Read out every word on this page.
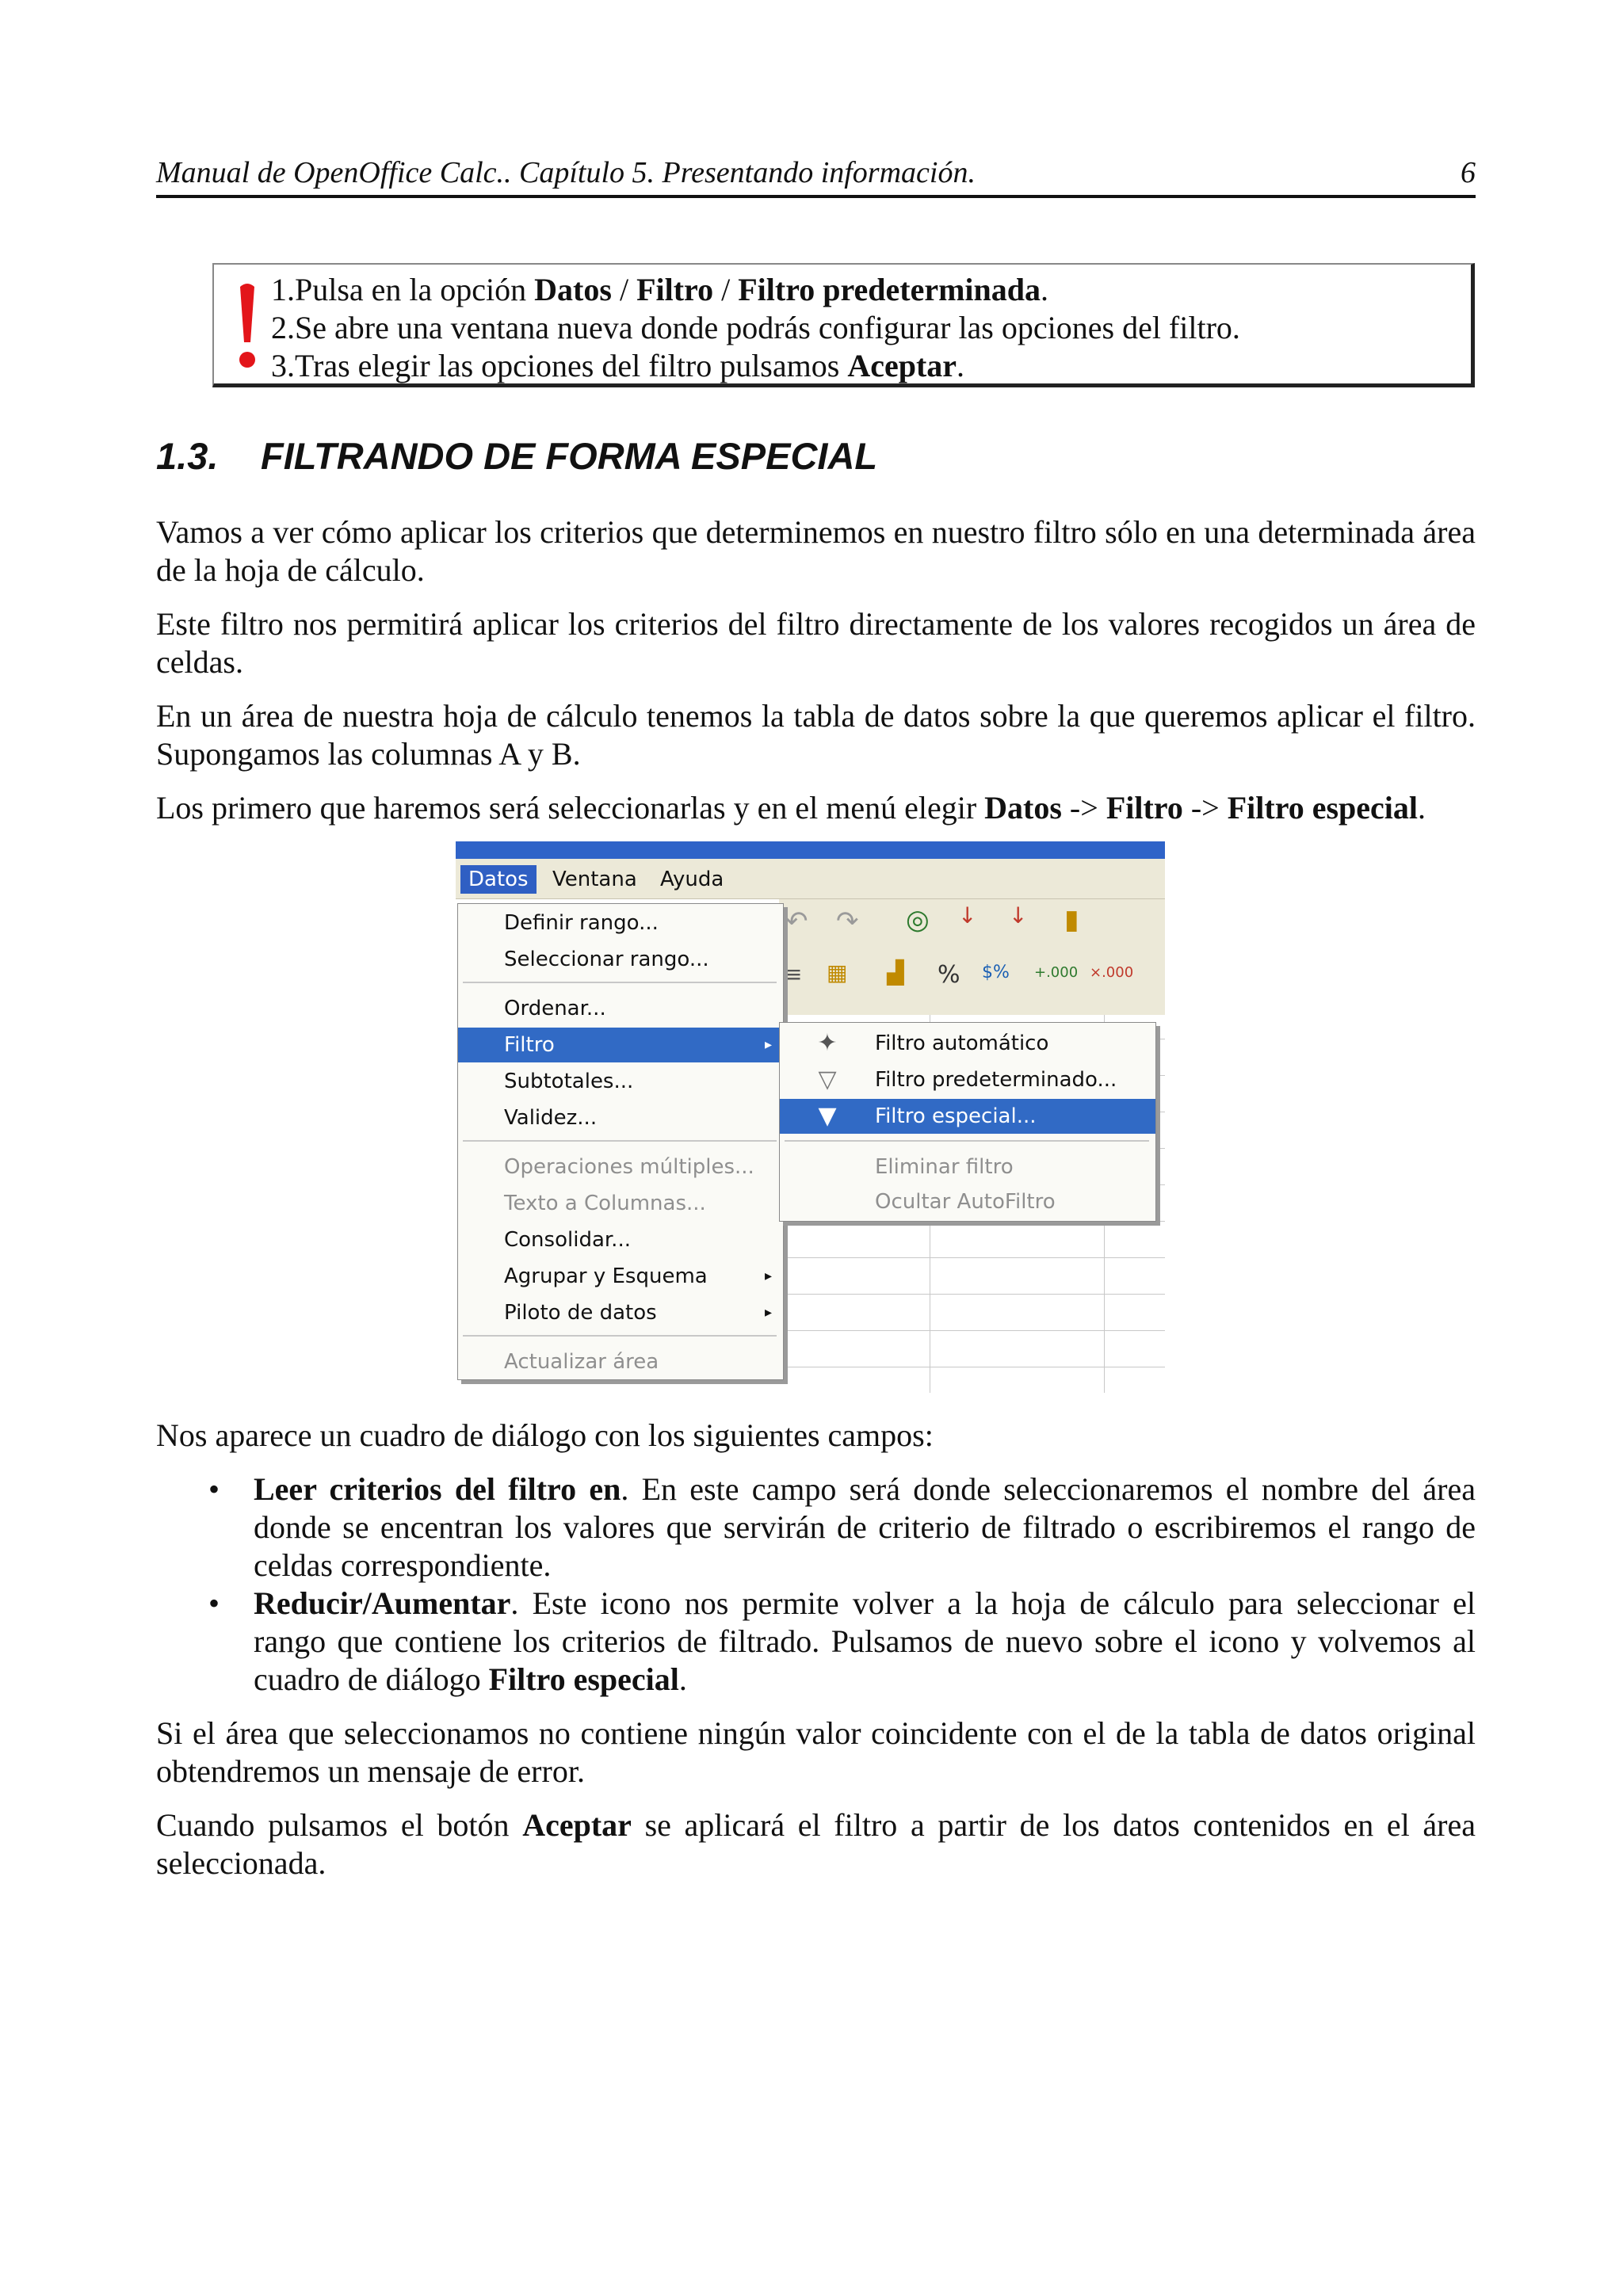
Manual de OpenOffice Calc.. Capítulo 5. Presentando información.	6
1.Pulsa en la opción Datos / Filtro / Filtro predeterminada.
2.Se abre una ventana nueva donde podrás configurar las opciones del filtro.
3.Tras elegir las opciones del filtro pulsamos Aceptar.
1.3. FILTRANDO DE FORMA ESPECIAL

Vamos a ver cómo aplicar los criterios que determinemos en nuestro filtro sólo en una determinada área de la hoja de cálculo.

Este filtro nos permitirá aplicar los criterios del filtro directamente de los valores recogidos un área de celdas.

En un área de nuestra hoja de cálculo tenemos la tabla de datos sobre la que queremos aplicar el filtro. Supongamos las columnas A y B.

Los primero que haremos será seleccionarlas y en el menú elegir Datos -> Filtro -> Filtro especial.

Datos	Ventana	Ayuda
↶ ↷ ◎ ↓ ↓ ▮
≡ ▦ ▟ % $% +.000 ×.000
Definir rango...
Seleccionar rango...
Ordenar...
Filtro	▸
Subtotales...
Validez...
Operaciones múltiples...
Texto a Columnas...
Consolidar...
Agrupar y Esquema	▸
Piloto de datos	▸
Actualizar área
✦ Filtro automático
▽ Filtro predeterminado...
▼ Filtro especial...
Eliminar filtro
Ocultar AutoFiltro

Nos aparece un cuadro de diálogo con los siguientes campos:

• Leer criterios del filtro en. En este campo será donde seleccionaremos el nombre del área donde se encentran los valores que servirán de criterio de filtrado o escribiremos el rango de celdas correspondiente.
• Reducir/Aumentar. Este icono nos permite volver a la hoja de cálculo para seleccionar el rango que contiene los criterios de filtrado. Pulsamos de nuevo sobre el icono y volvemos al cuadro de diálogo Filtro especial.

Si el área que seleccionamos no contiene ningún valor coincidente con el de la tabla de datos original obtendremos un mensaje de error.

Cuando pulsamos el botón Aceptar se aplicará el filtro a partir de los datos contenidos en el área seleccionada.
